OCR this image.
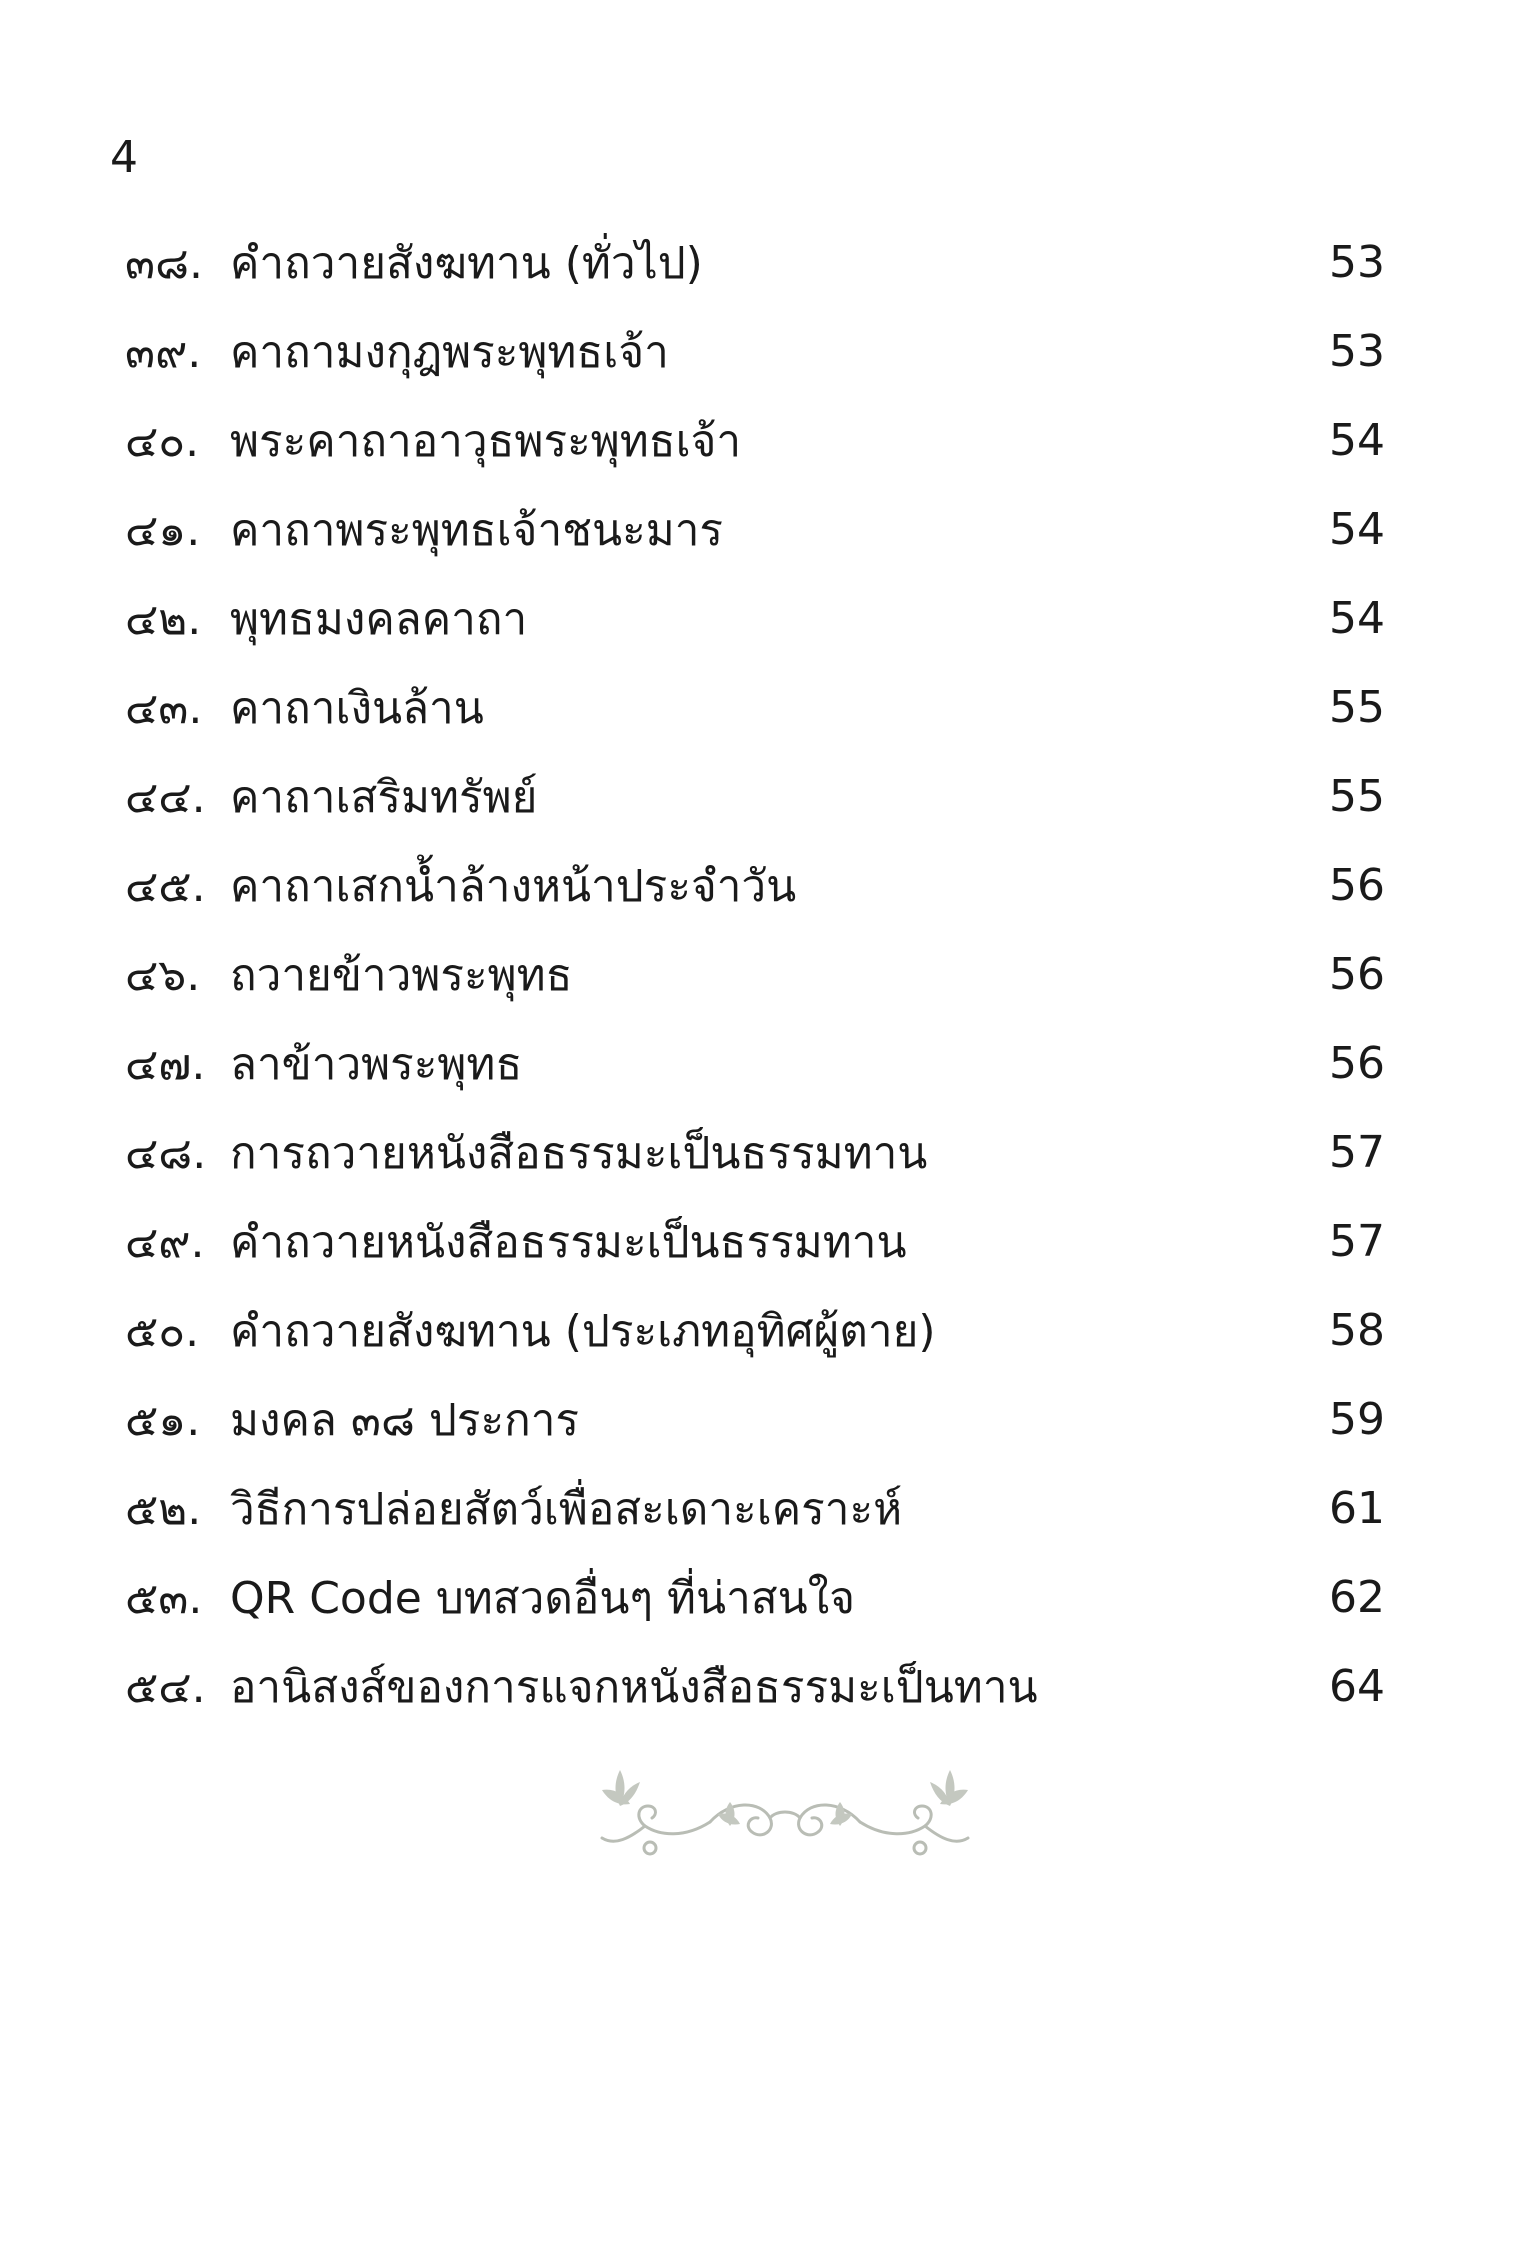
4
๓๘. คำถวายสังฆทาน (ทั่วไป)	53
๓๙. คาถามงกุฎพระพุทธเจ้า	53
๔๐. พระคาถาอาวุธพระพุทธเจ้า	54
๔๑. คาถาพระพุทธเจ้าชนะมาร	54
๔๒. พุทธมงคลคาถา	54
๔๓. คาถาเงินล้าน	55
๔๔. คาถาเสริมทรัพย์	55
๔๕. คาถาเสกน้ำล้างหน้าประจำวัน	56
๔๖. ถวายข้าวพระพุทธ	56
๔๗. ลาข้าวพระพุทธ	56
๔๘. การถวายหนังสือธรรมะเป็นธรรมทาน	57
๔๙. คำถวายหนังสือธรรมะเป็นธรรมทาน	57
๕๐. คำถวายสังฆทาน (ประเภทอุทิศผู้ตาย)	58
๕๑. มงคล ๓๘ ประการ	59
๕๒. วิธีการปล่อยสัตว์เพื่อสะเดาะเคราะห์	61
๕๓. QR Code บทสวดอื่นๆ ที่น่าสนใจ	62
๕๔. อานิสงส์ของการแจกหนังสือธรรมะเป็นทาน	64
